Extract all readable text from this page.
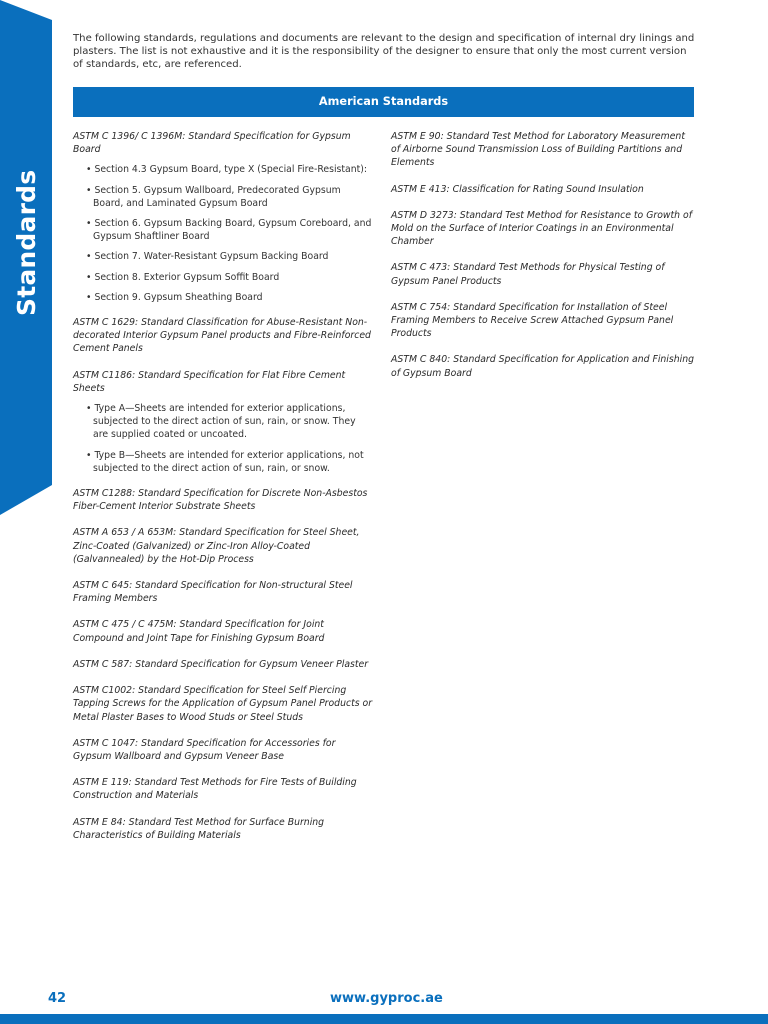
Standards

The following standards, regulations and documents are relevant to the design and specification of internal dry linings and plasters. The list is not exhaustive and it is the responsibility of the designer to ensure that only the most current version of standards, etc, are referenced.

American Standards

ASTM C 1396/ C 1396M: Standard Specification for Gypsum Board

• Section 4.3 Gypsum Board, type X (Special Fire-Resistant):

• Section 5. Gypsum Wallboard, Predecorated Gypsum Board, and Laminated Gypsum Board

• Section 6. Gypsum Backing Board, Gypsum Coreboard, and Gypsum Shaftliner Board

• Section 7. Water-Resistant Gypsum Backing Board

• Section 8. Exterior Gypsum Soffit Board

• Section 9. Gypsum Sheathing Board

ASTM C 1629: Standard Classification for Abuse-Resistant Non-decorated Interior Gypsum Panel products and Fibre-Reinforced Cement Panels

ASTM C1186: Standard Specification for Flat Fibre Cement Sheets

• Type A—Sheets are intended for exterior applications, subjected to the direct action of sun, rain, or snow. They are supplied coated or uncoated.

• Type B—Sheets are intended for exterior applications, not subjected to the direct action of sun, rain, or snow.

ASTM C1288: Standard Specification for Discrete Non-Asbestos Fiber-Cement Interior Substrate Sheets

ASTM A 653 / A 653M: Standard Specification for Steel Sheet, Zinc-Coated (Galvanized) or Zinc-Iron Alloy-Coated (Galvannealed) by the Hot-Dip Process

ASTM C 645: Standard Specification for Non-structural Steel Framing Members

ASTM C 475 / C 475M: Standard Specification for Joint Compound and Joint Tape for Finishing Gypsum Board

ASTM C 587: Standard Specification for Gypsum Veneer Plaster

ASTM C1002: Standard Specification for Steel Self Piercing Tapping Screws for the Application of Gypsum Panel Products or Metal Plaster Bases to Wood Studs or Steel Studs

ASTM C 1047: Standard Specification for Accessories for Gypsum Wallboard and Gypsum Veneer Base

ASTM E 119: Standard Test Methods for Fire Tests of Building Construction and Materials

ASTM E 84: Standard Test Method for Surface Burning Characteristics of Building Materials

ASTM E 90: Standard Test Method for Laboratory Measurement of Airborne Sound Transmission Loss of Building Partitions and Elements

ASTM E 413: Classification for Rating Sound Insulation

ASTM D 3273: Standard Test Method for Resistance to Growth of Mold on the Surface of Interior Coatings in an Environmental Chamber

ASTM C 473: Standard Test Methods for Physical Testing of Gypsum Panel Products

ASTM C 754: Standard Specification for Installation of Steel Framing Members to Receive Screw Attached Gypsum Panel Products

ASTM C 840: Standard Specification for Application and Finishing of Gypsum Board

42	www.gyproc.ae
